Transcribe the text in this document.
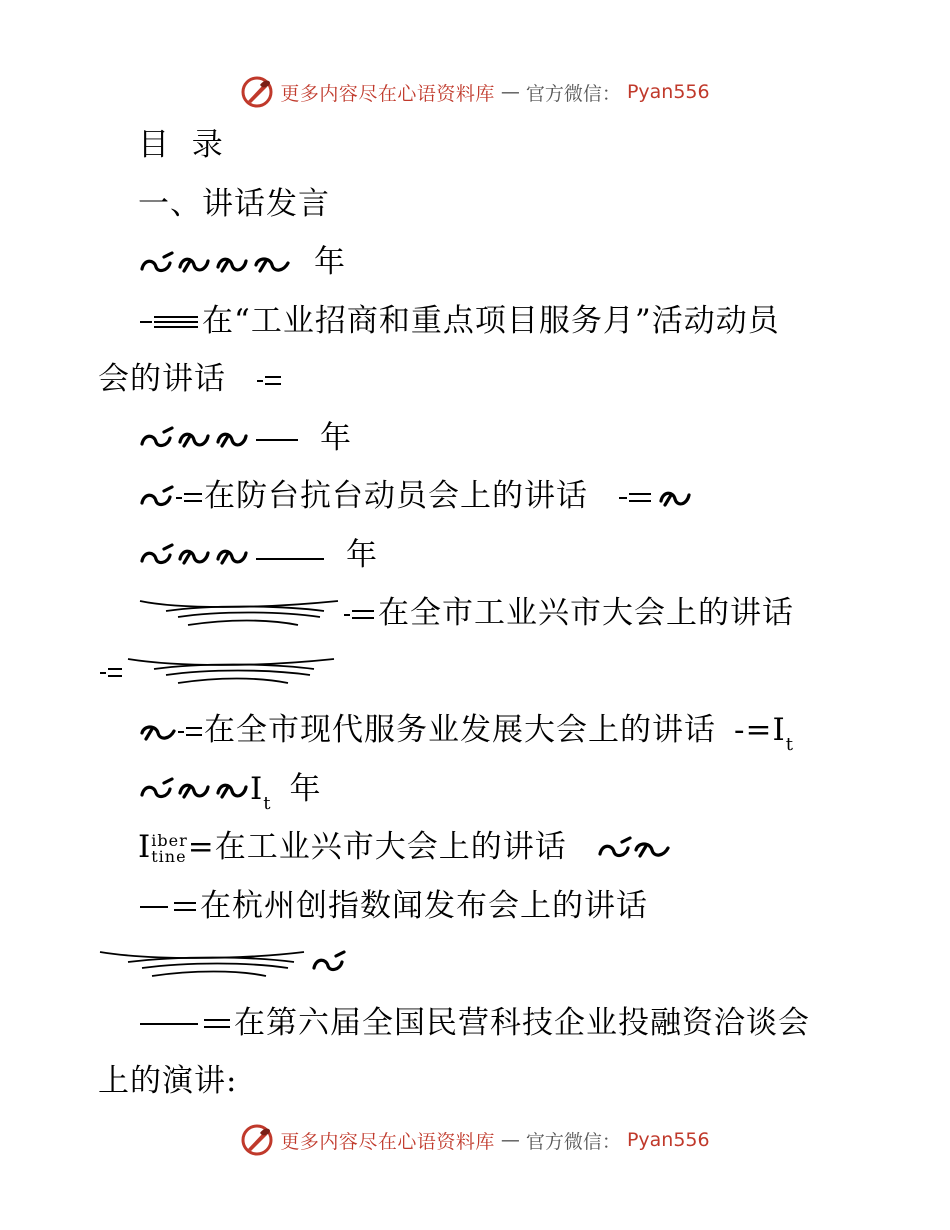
更多内容尽在心语资料库 — 官方微信： Pyan556
目  录
一、讲话发言
年
在“工业招商和重点项目服务月”活动动员
会的讲话
年
在防台抗台动员会上的讲话
年
在全市工业兴市大会上的讲话
在全市现代服务业发展大会上的讲话 $-=I_t$
$I_t$ 年
I iber
tine =在工业兴市大会上的讲话
在杭州创指数闻发布会上的讲话
在第六届全国民营科技企业投融资洽谈会
上的演讲:
更多内容尽在心语资料库 — 官方微信： Pyan556
